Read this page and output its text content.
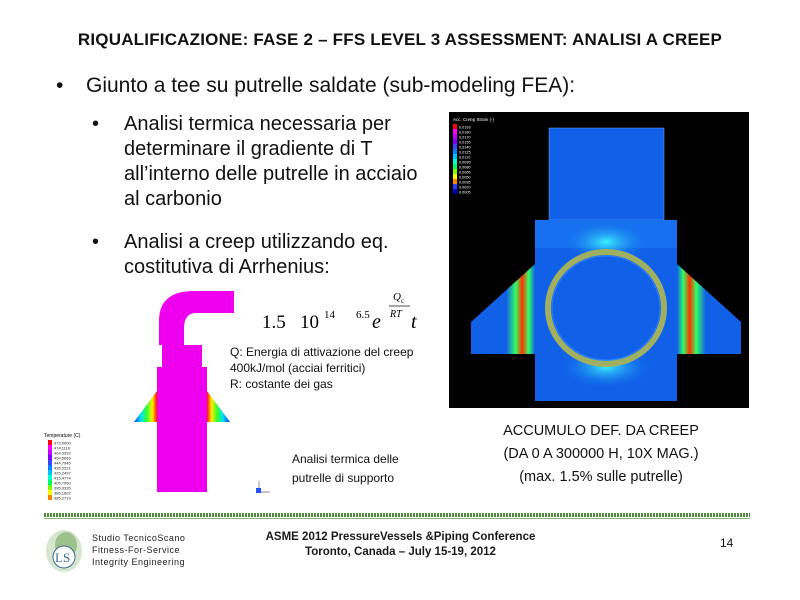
RIQUALIFICAZIONE: FASE 2 – FFS LEVEL 3 ASSESSMENT: ANALISI A CREEP
• Giunto a tee su putrelle saldate (sub-modeling FEA):
• Analisi termica necessaria per determinare il gradiente di T all’interno delle putrelle in acciaio al carbonio
• Analisi a creep utilizzando eq. costitutiva di Arrhenius:
1.5 10 14 6.5 e
Q c
RT t
Q: Energia di attivazione del creep
400kJ/mol (acciai ferritici)
R: costante dei gas
Temperature (C)
473,0000
474,1116
464,3392
454,5669
444,7945
435,0221
425,2497
415,4774
405,7050
395,9326
386,1602
385,2719
Analisi termica delle putrelle di supporto
Acc. Creep Strain (-)
0,0193
0,0180
0,0170
0,0155
0,0140
0,0125
0,0110
0,0095
0,0080
0,0065
0,0050
0,0035
0,0020
0,0005
ACCUMULO DEF. DA CREEP
(DA 0 A 300000 H, 10X MAG.)
(max. 1.5% sulle putrelle)
LS
Studio TecnicoScano
Fitness-For-Service
Integrity Engineering
ASME 2012 PressureVessels &Piping Conference
Toronto, Canada – July 15-19, 2012
14
